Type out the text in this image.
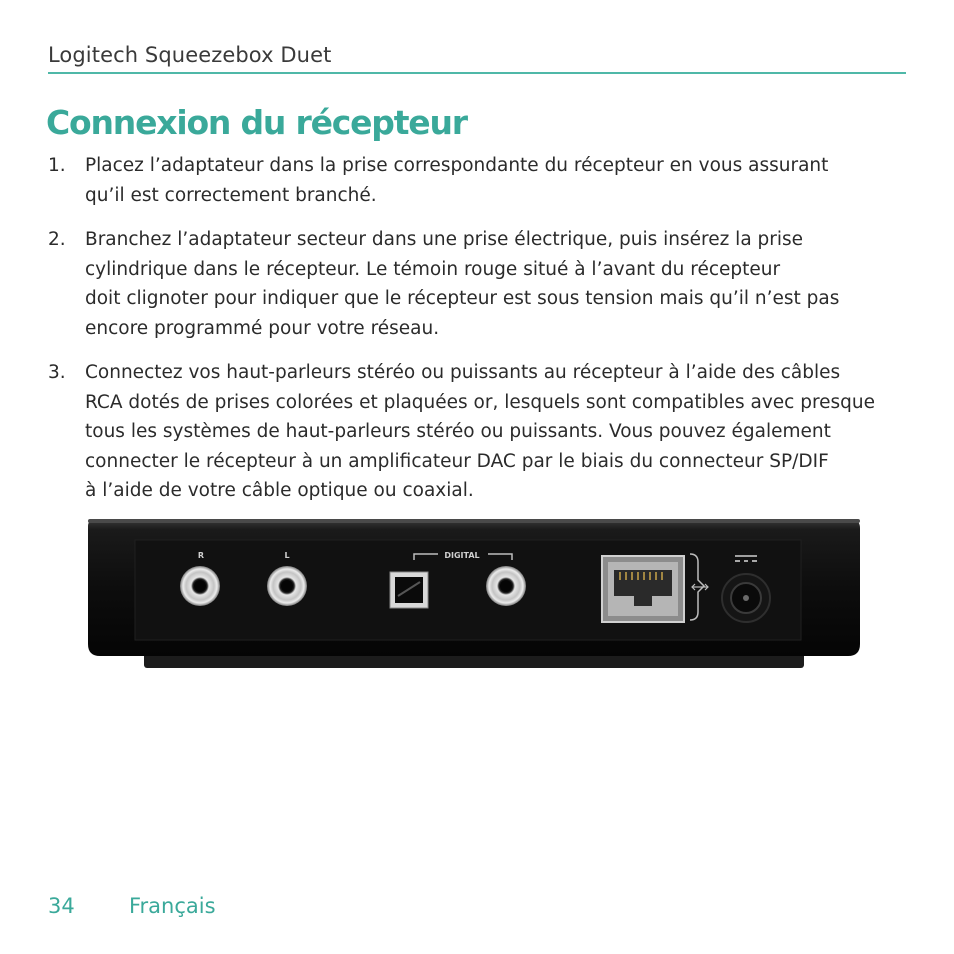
Logitech Squeezebox Duet
Connexion du récepteur
1. Placez l’adaptateur dans la prise correspondante du récepteur en vous assurant
qu’il est correctement branché.
2. Branchez l’adaptateur secteur dans une prise électrique, puis insérez la prise
cylindrique dans le récepteur. Le témoin rouge situé à l’avant du récepteur
doit clignoter pour indiquer que le récepteur est sous tension mais qu’il n’est pas
encore programmé pour votre réseau.
3. Connectez vos haut-parleurs stéréo ou puissants au récepteur à l’aide des câbles
RCA dotés de prises colorées et plaquées or, lesquels sont compatibles avec presque
tous les systèmes de haut-parleurs stéréo ou puissants. Vous pouvez également
connecter le récepteur à un amplificateur DAC par le biais du connecteur SP/DIF
à l’aide de votre câble optique ou coaxial.
R	L	DIGITAL
34	Français
